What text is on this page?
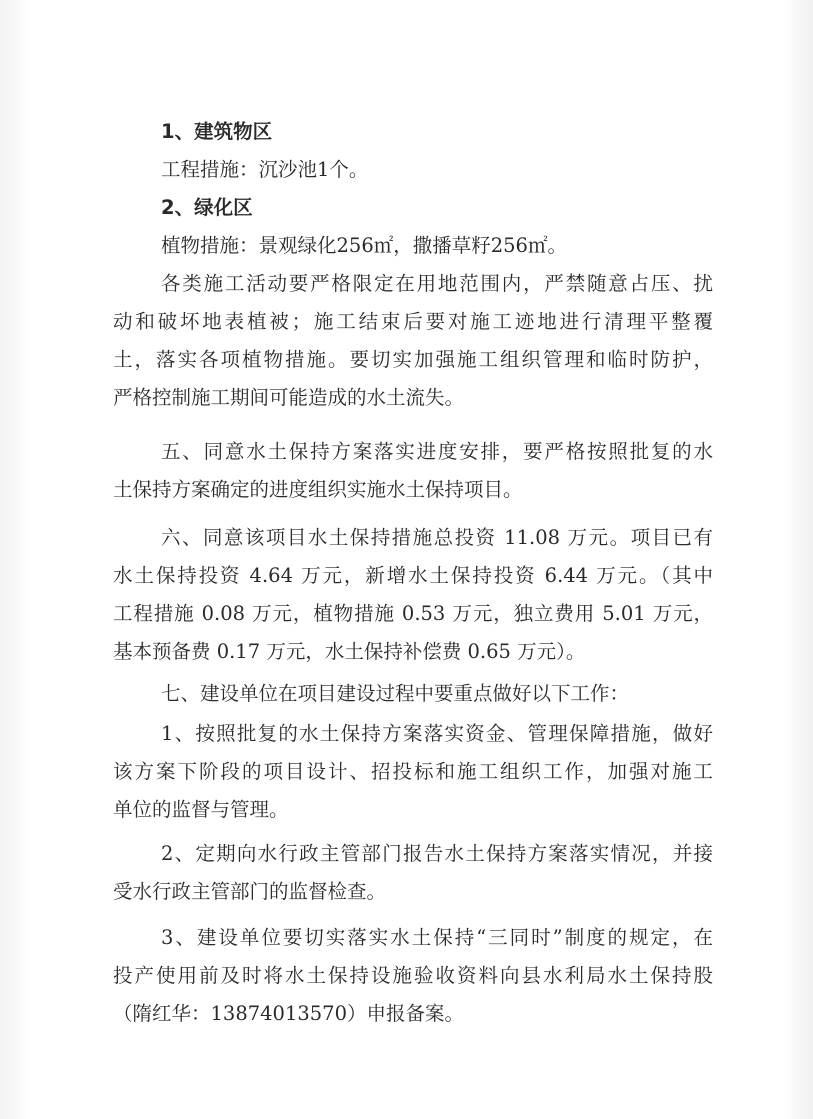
1、建筑物区
工程措施：沉沙池1个。
2、绿化区
植物措施：景观绿化256㎡，撒播草籽256㎡。
各类施工活动要严格限定在用地范围内，严禁随意占压、扰
动和破坏地表植被；施工结束后要对施工迹地进行清理平整覆
土，落实各项植物措施。要切实加强施工组织管理和临时防护，
严格控制施工期间可能造成的水土流失。
五、同意水土保持方案落实进度安排，要严格按照批复的水
土保持方案确定的进度组织实施水土保持项目。
六、同意该项目水土保持措施总投资 11.08 万元。项目已有
水土保持投资 4.64 万元，新增水土保持投资 6.44 万元。（其中
工程措施 0.08 万元，植物措施 0.53 万元，独立费用 5.01 万元，
基本预备费 0.17 万元，水土保持补偿费 0.65 万元）。
七、建设单位在项目建设过程中要重点做好以下工作：
1、按照批复的水土保持方案落实资金、管理保障措施，做好
该方案下阶段的项目设计、招投标和施工组织工作，加强对施工
单位的监督与管理。
2、定期向水行政主管部门报告水土保持方案落实情况，并接
受水行政主管部门的监督检查。
3、建设单位要切实落实水土保持“三同时”制度的规定，在
投产使用前及时将水土保持设施验收资料向县水利局水土保持股
（隋红华：13874013570）申报备案。
